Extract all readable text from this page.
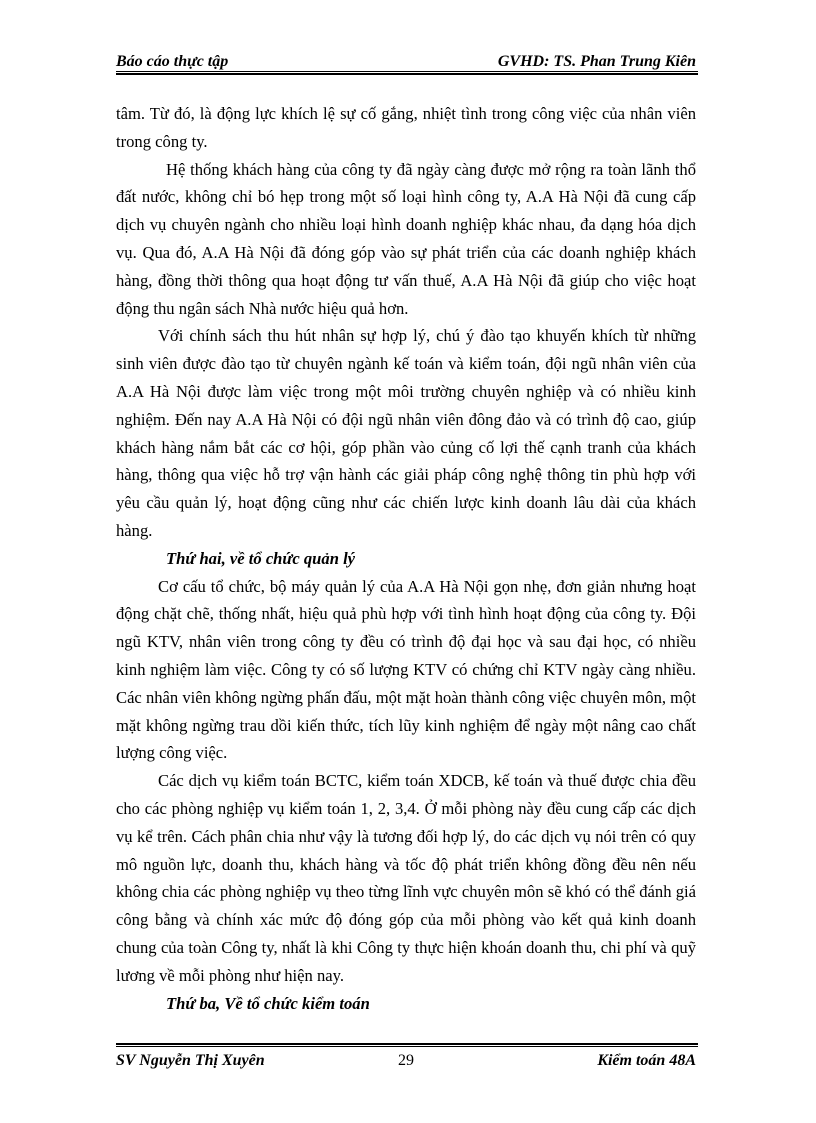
Báo cáo thực tập	GVHD: TS. Phan Trung Kiên

tâm. Từ đó, là động lực khích lệ sự cố gắng, nhiệt tình trong công việc của nhân viên trong công ty.

Hệ thống khách hàng của công ty đã ngày càng được mở rộng ra toàn lãnh thổ đất nước, không chỉ bó hẹp trong một số loại hình công ty, A.A Hà Nội đã cung cấp dịch vụ chuyên ngành cho nhiều loại hình doanh nghiệp khác nhau, đa dạng hóa dịch vụ. Qua đó, A.A Hà Nội đã đóng góp vào sự phát triển của các doanh nghiệp khách hàng, đồng thời thông qua hoạt động tư vấn thuế, A.A Hà Nội đã giúp cho việc hoạt động thu ngân sách Nhà nước hiệu quả hơn.

Với chính sách thu hút nhân sự hợp lý, chú ý đào tạo khuyến khích từ những sinh viên được đào tạo từ chuyên ngành kế toán và kiểm toán, đội ngũ nhân viên của A.A Hà Nội được làm việc trong một môi trường chuyên nghiệp và có nhiều kinh nghiệm. Đến nay A.A Hà Nội có đội ngũ nhân viên đông đảo và có trình độ cao, giúp khách hàng nắm bắt các cơ hội, góp phần vào củng cố lợi thế cạnh tranh của khách hàng, thông qua việc hỗ trợ vận hành các giải pháp công nghệ thông tin phù hợp với yêu cầu quản lý, hoạt động cũng như các chiến lược kinh doanh lâu dài của khách hàng.

Thứ hai, về tổ chức quản lý

Cơ cấu tổ chức, bộ máy quản lý của A.A Hà Nội gọn nhẹ, đơn giản nhưng hoạt động chặt chẽ, thống nhất, hiệu quả phù hợp với tình hình hoạt động của công ty. Đội ngũ KTV, nhân viên trong công ty đều có trình độ đại học và sau đại học, có nhiều kinh nghiệm làm việc. Công ty có số lượng KTV có chứng chỉ KTV ngày càng nhiều. Các nhân viên không ngừng phấn đấu, một mặt hoàn thành công việc chuyên môn, một mặt không ngừng trau dồi kiến thức, tích lũy kinh nghiệm để ngày một nâng cao chất lượng công việc.

Các dịch vụ kiểm toán BCTC, kiểm toán XDCB, kế toán và thuế được chia đều cho các phòng nghiệp vụ kiểm toán 1, 2, 3,4. Ở mỗi phòng này đều cung cấp các dịch vụ kể trên. Cách phân chia như vậy là tương đối hợp lý, do các dịch vụ nói trên có quy mô nguồn lực, doanh thu, khách hàng và tốc độ phát triển không đồng đều nên nếu không chia các phòng nghiệp vụ theo từng lĩnh vực chuyên môn sẽ khó có thể đánh giá công bằng và chính xác mức độ đóng góp của mỗi phòng vào kết quả kinh doanh chung của toàn Công ty, nhất là khi Công ty thực hiện khoán doanh thu, chi phí và quỹ lương về mỗi phòng như hiện nay.

Thứ ba, Về tổ chức kiểm toán

SV Nguyễn Thị Xuyên	29	Kiểm toán 48A
